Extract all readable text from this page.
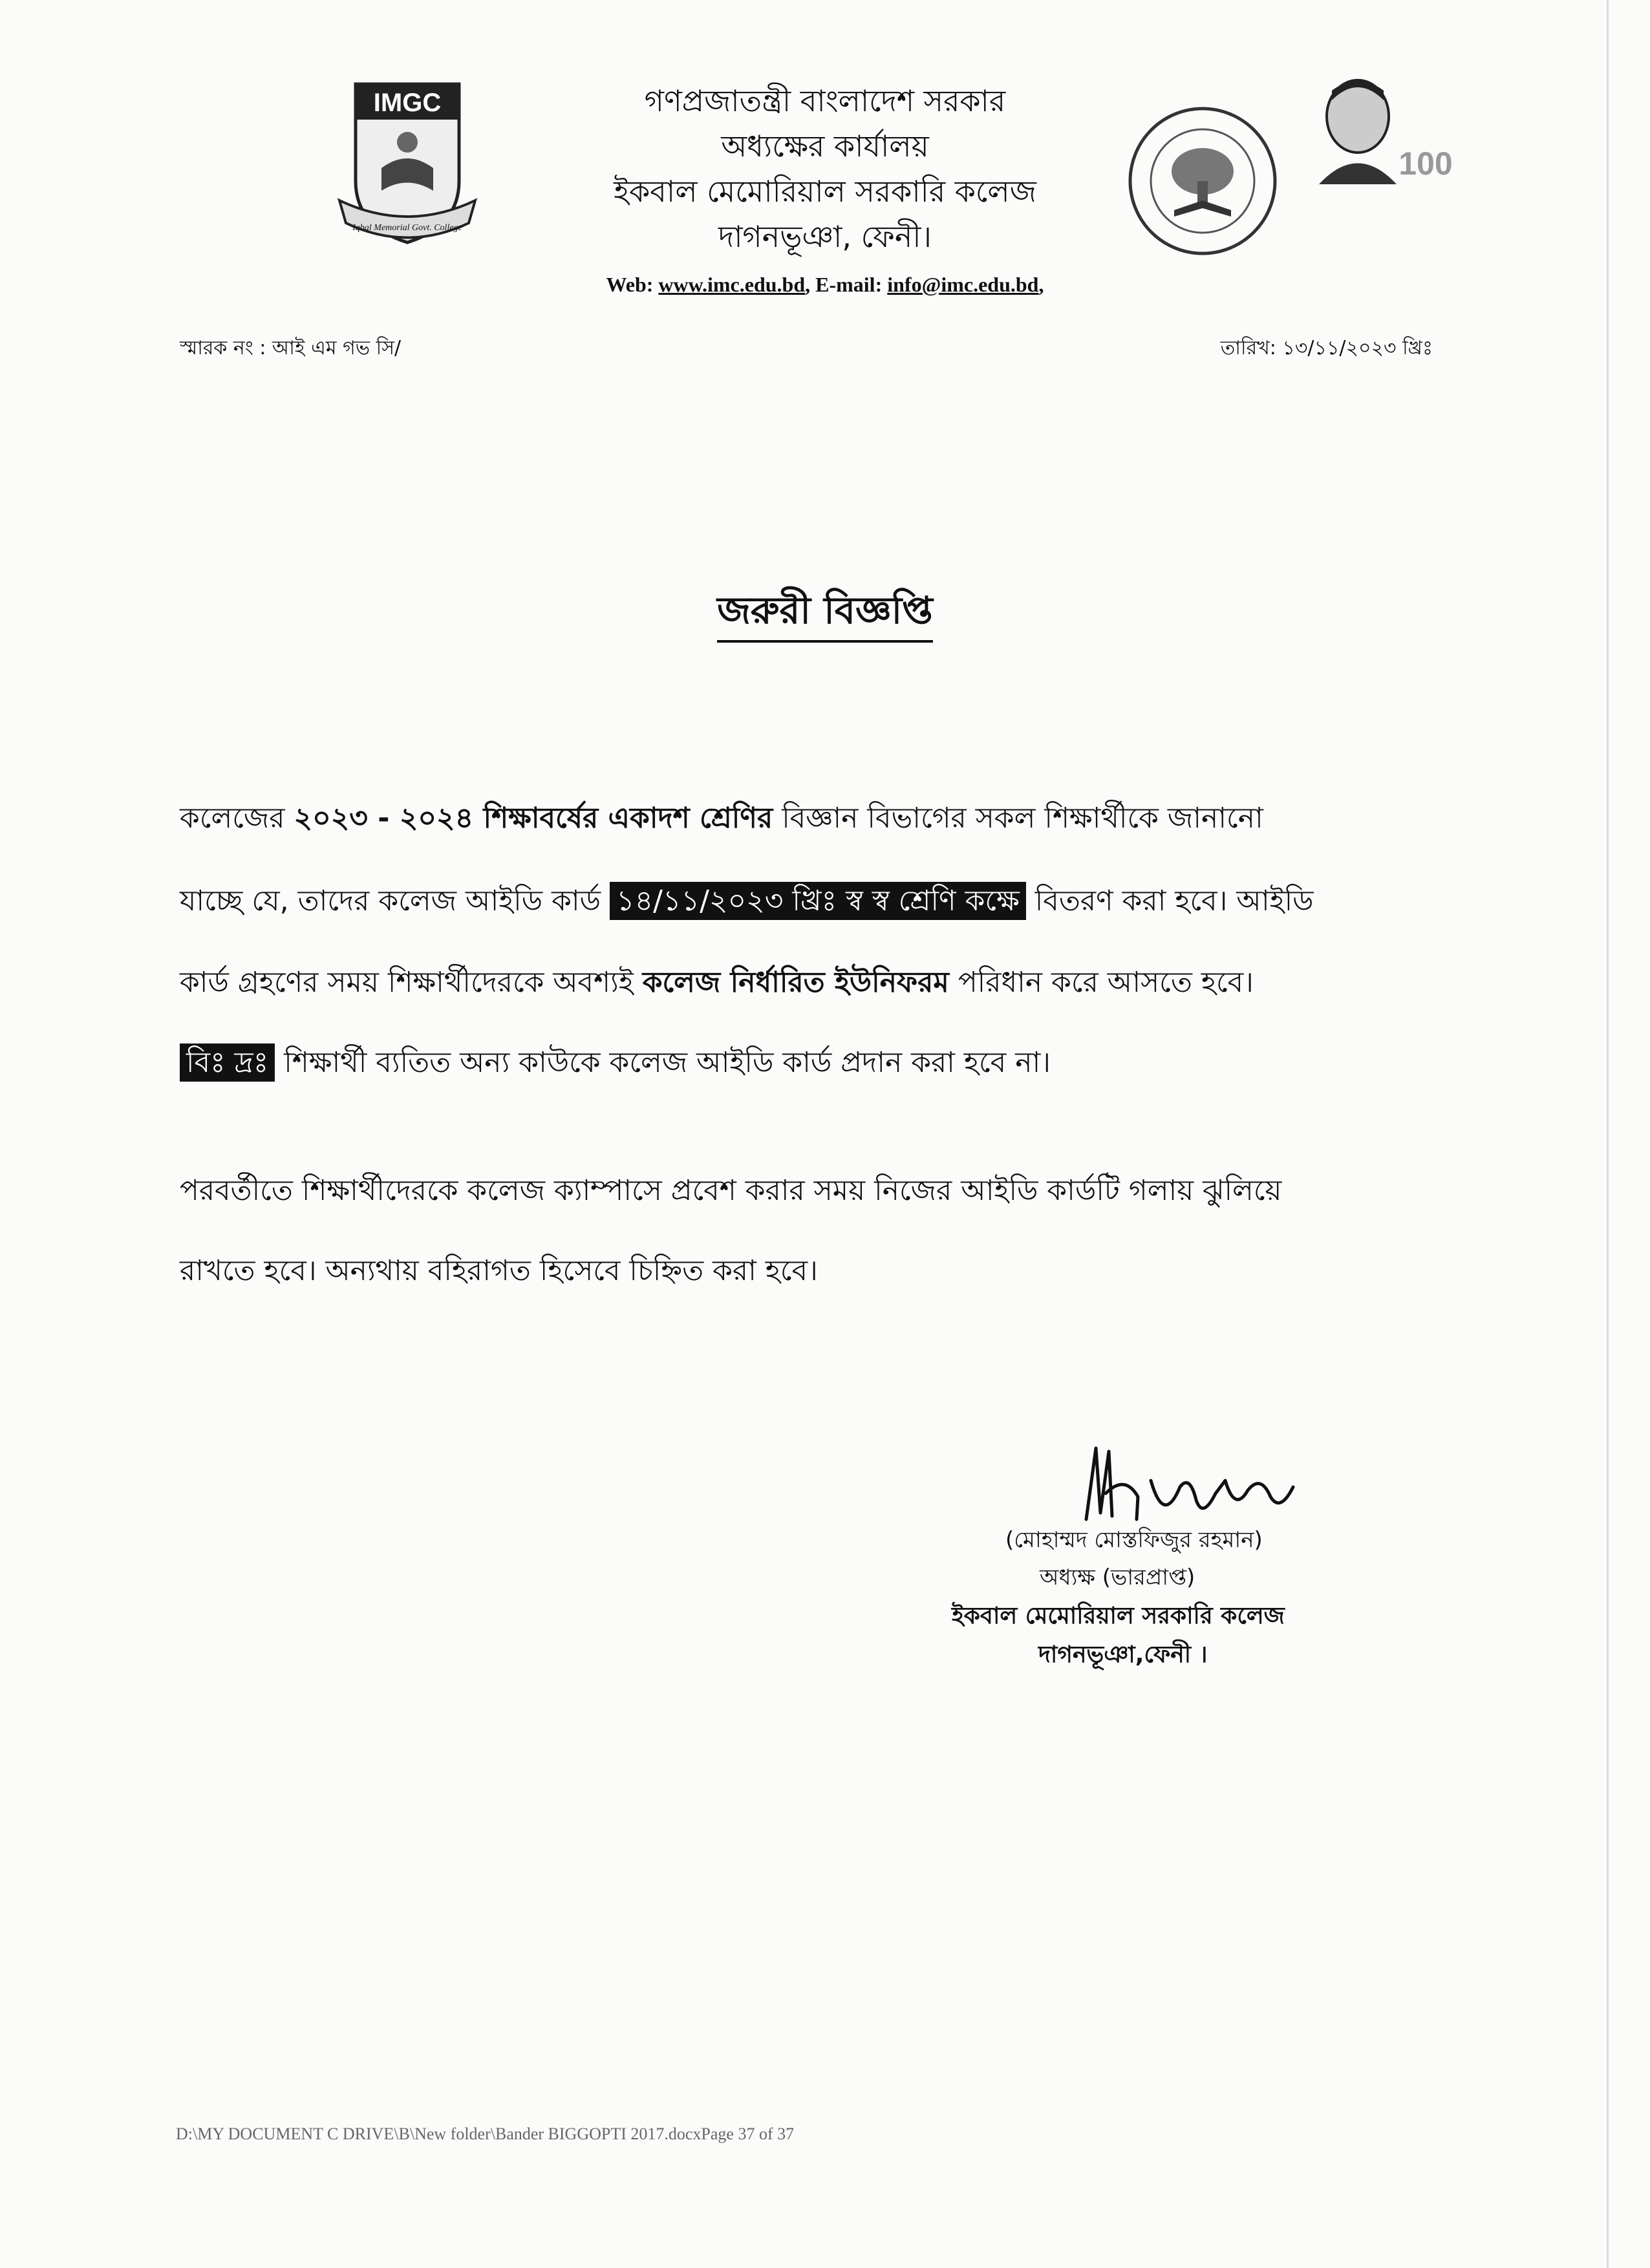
IMGC
Iqbal Memorial Govt. College
100
গণপ্রজাতন্ত্রী বাংলাদেশ সরকার
অধ্যক্ষের কার্যালয়
ইকবাল মেমোরিয়াল সরকারি কলেজ
দাগনভূঞা, ফেনী।
Web: www.imc.edu.bd, E-mail: info@imc.edu.bd,
স্মারক নং : আই এম গভ সি/	তারিখ: ১৩/১১/২০২৩ খ্রিঃ
জরুরী বিজ্ঞপ্তি
কলেজের ২০২৩ - ২০২৪ শিক্ষাবর্ষের একাদশ শ্রেণির বিজ্ঞান বিভাগের সকল শিক্ষার্থীকে জানানো
যাচ্ছে যে, তাদের কলেজ আইডি কার্ড ১৪/১১/২০২৩ খ্রিঃ স্ব স্ব শ্রেণি কক্ষে বিতরণ করা হবে। আইডি
কার্ড গ্রহণের সময় শিক্ষার্থীদেরকে অবশ্যই কলেজ নির্ধারিত ইউনিফরম পরিধান করে আসতে হবে।
বিঃ দ্রঃ শিক্ষার্থী ব্যতিত অন্য কাউকে কলেজ আইডি কার্ড প্রদান করা হবে না।
পরবর্তীতে শিক্ষার্থীদেরকে কলেজ ক্যাম্পাসে প্রবেশ করার সময় নিজের আইডি কার্ডটি গলায় ঝুলিয়ে
রাখতে হবে। অন্যথায় বহিরাগত হিসেবে চিহ্নিত করা হবে।
(মোহাম্মদ মোস্তফিজুর রহমান)
অধ্যক্ষ (ভারপ্রাপ্ত)
ইকবাল মেমোরিয়াল সরকারি কলেজ
দাগনভূঞা,ফেনী ।
D:\MY DOCUMENT C DRIVE\B\New folder\Bander BIGGOPTI 2017.docxPage 37 of 37
